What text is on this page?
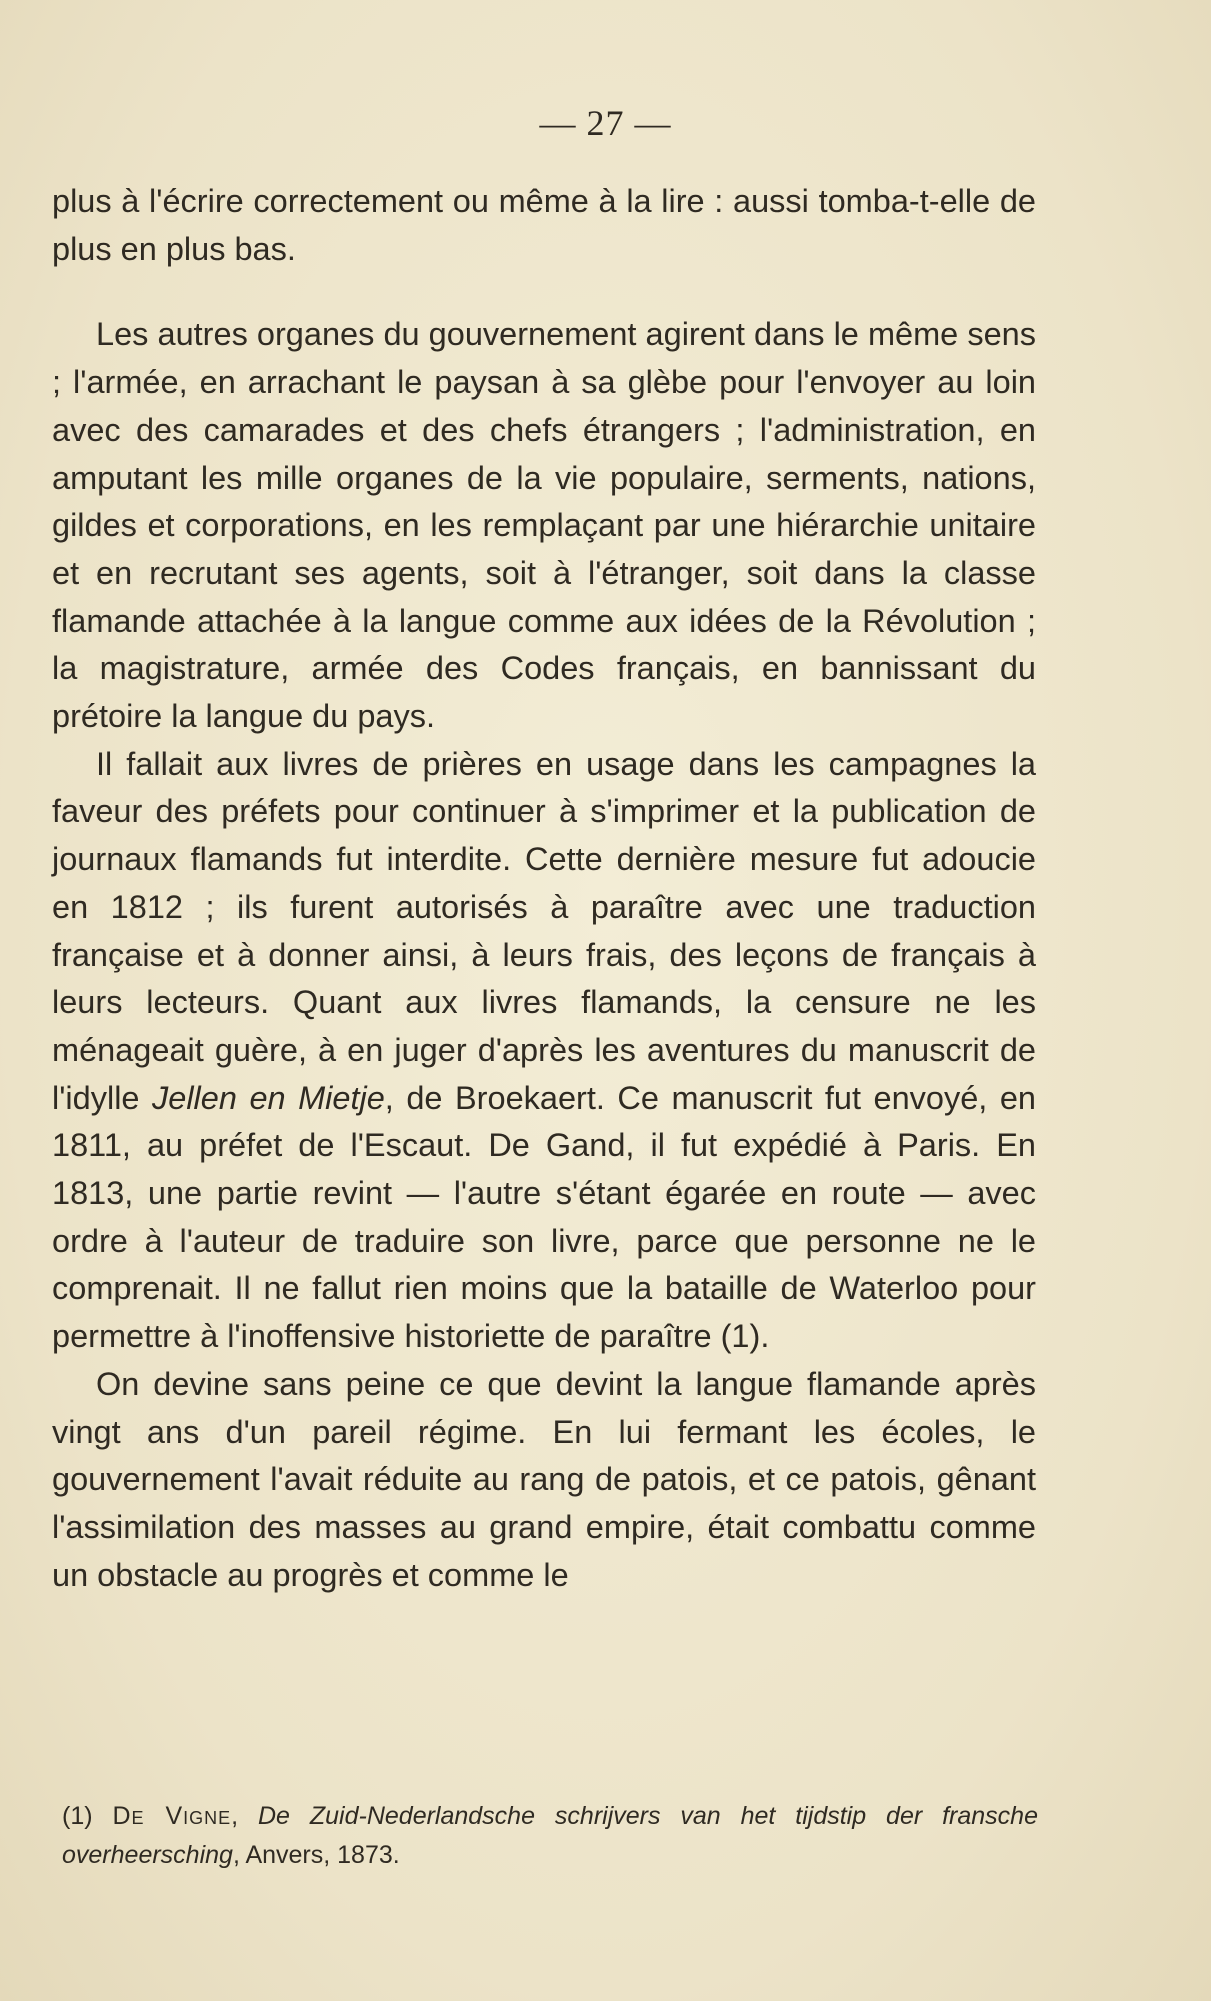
— 27 —

plus à l'écrire correctement ou même à la lire : aussi tomba-t-elle de plus en plus bas.

Les autres organes du gouvernement agirent dans le même sens ; l'armée, en arrachant le paysan à sa glèbe pour l'envoyer au loin avec des camarades et des chefs étrangers ; l'administration, en amputant les mille organes de la vie populaire, serments, nations, gildes et corporations, en les remplaçant par une hiérarchie unitaire et en recrutant ses agents, soit à l'étranger, soit dans la classe flamande attachée à la langue comme aux idées de la Révolution ; la magistrature, armée des Codes français, en bannissant du prétoire la langue du pays.

Il fallait aux livres de prières en usage dans les campagnes la faveur des préfets pour continuer à s'imprimer et la publication de journaux flamands fut interdite. Cette dernière mesure fut adoucie en 1812 ; ils furent autorisés à paraître avec une traduction française et à donner ainsi, à leurs frais, des leçons de français à leurs lecteurs. Quant aux livres flamands, la censure ne les ménageait guère, à en juger d'après les aventures du manuscrit de l'idylle Jellen en Mietje, de Broekaert. Ce manuscrit fut envoyé, en 1811, au préfet de l'Escaut. De Gand, il fut expédié à Paris. En 1813, une partie revint — l'autre s'étant égarée en route — avec ordre à l'auteur de traduire son livre, parce que personne ne le comprenait. Il ne fallut rien moins que la bataille de Waterloo pour permettre à l'inoffensive historiette de paraître (1).

On devine sans peine ce que devint la langue flamande après vingt ans d'un pareil régime. En lui fermant les écoles, le gouvernement l'avait réduite au rang de patois, et ce patois, gênant l'assimilation des masses au grand empire, était combattu comme un obstacle au progrès et comme le

(1) De Vigne, De Zuid-Nederlandsche schrijvers van het tijdstip der fransche overheersching, Anvers, 1873.
